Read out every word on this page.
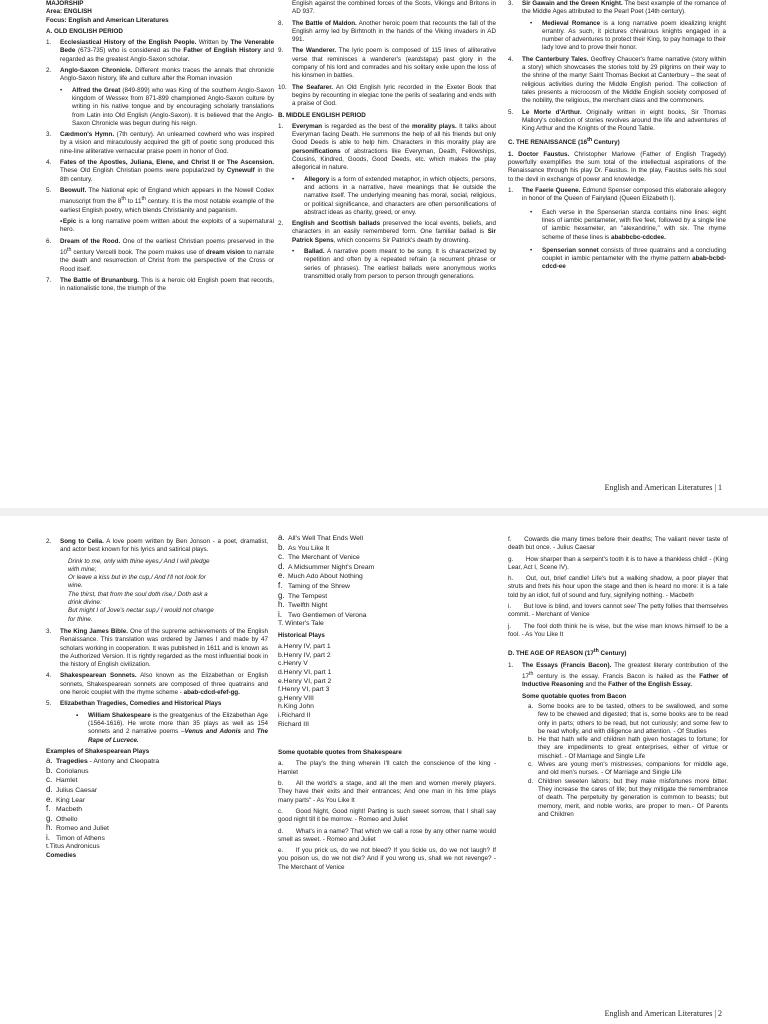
MAJORSHIP
Area: ENGLISH
Focus: English and American Literatures
A. OLD ENGLISH PERIOD
1. Ecclesiastical History of the English People. Written by The Venerable Bede (673-735) who is considered as the Father of English History and regarded as the greatest Anglo-Saxon scholar.
2. Anglo-Saxon Chronicle. Different monks traces the annals that chronicle Anglo-Saxon history, life and culture after the Roman invasion
• Alfred the Great (849-899) who was King of the southern Anglo-Saxon kingdom of Wessex from 871-899 championed Anglo-Saxon culture by writing in his native tongue and by encouraging scholarly translations from Latin into Old English (Anglo-Saxon). It is believed that the Anglo-Saxon Chronicle was begun during his reign.
3. Cædmon's Hymn. (7th century). An unlearned cowherd who was inspired by a vision and miraculously acquired the gift of poetic song produced this nine-line alliterative vernacular praise poem in honor of God.
4. Fates of the Apostles, Juliana, Elene, and Christ II or The Ascension. These Old English Christian poems were popularized by Cynewulf in the 8th century.
5. Beowulf. The National epic of England which appears in the Nowell Codex manuscript from the 8th to 11th century. It is the most notable example of the earliest English poetry, which blends Christianity and paganism.

▪Epic is a long narrative poem written about the exploits of a supernatural hero.

6. Dream of the Rood. One of the earliest Christian poems preserved in the 10th century Vercelli book. The poem makes use of dream vision to narrate the death and resurrection of Christ from the perspective of the Cross or Rood itself.
7. The Battle of Brunanburg. This is a heroic old English poem that records, in nationalistic tone, the triumph of the

English against the combined forces of the Scots, Vikings and Britons in AD 937.

8. The Battle of Maldon. Another heroic poem that recounts the fall of the English army led by Birhtnoth in the hands of the Viking invaders in AD 991.
9. The Wanderer. The lyric poem is composed of 115 lines of alliterative verse that reminisces a wanderer's (eardstapa) past glory in the company of his lord and comrades and his solitary exile upon the loss of his kinsmen in battles.
10. The Seafarer. An Old English lyric recorded in the Exeter Book that begins by recounting in elegiac tone the perils of seafaring and ends with a praise of God.
B. MIDDLE ENGLISH PERIOD
1. Everyman is regarded as the best of the morality plays. It talks about Everyman facing Death. He summons the help of all his friends but only Good Deeds is able to help him. Characters in this morality play are personifications of abstractions like Everyman, Death, Fellowships, Cousins, Kindred, Goods, Good Deeds, etc. which makes the play allegorical in nature.
• Allegory is a form of extended metaphor, in which objects, persons, and actions in a narrative, have meanings that lie outside the narrative itself. The underlying meaning has moral, social, religious, or political significance, and characters are often personifications of abstract ideas as charity, greed, or envy.
2. English and Scottish ballads preserved the local events, beliefs, and characters in an easily remembered form. One familiar ballad is Sir Patrick Spens, which concerns Sir Patrick's death by drowning.
• Ballad. A narrative poem meant to be sung. It is characterized by repetition and often by a repeated refrain (a recurrent phrase or series of phrases). The earliest ballads were anonymous works transmitted orally from person to person through generations.
3. Sir Gawain and the Green Knight. The best example of the romance of the Middle Ages attributed to the Pearl Poet (14th century).
• Medieval Romance is a long narrative poem idealizing knight errantry. As such, it pictures chivalrous knights engaged in a number of adventures to protect their King, to pay homage to their lady love and to prove their honor.
4. The Canterbury Tales. Geoffrey Chaucer's frame narrative (story within a story) which showcases the stories told by 29 pilgrims on their way to the shrine of the martyr Saint Thomas Becket at Canterbury – the seat of religious activities during the Middle English period. The collection of tales presents a microcosm of the Middle English society composed of the nobility, the religious, the merchant class and the commoners.
5. Le Morte d'Arthur. Originally written in eight books, Sir Thomas Mallory's collection of stories revolves around the life and adventures of King Arthur and the Knights of the Round Table.
C. THE RENAISSANCE (16th Century)

1. Doctor Faustus. Christopher Marlowe (Father of English Tragedy) powerfully exemplifies the sum total of the intellectual aspirations of the Renaissance through his play Dr. Faustus. In the play, Faustus sells his soul to the devil in exchange of power and knowledge.

1. The Faerie Queene. Edmund Spenser composed this elaborate allegory in honor of the Queen of Fairyland (Queen Elizabeth I).
• Each verse in the Spenserian stanza contains nine lines: eight lines of iambic pentameter, with five feet, followed by a single line of iambic hexameter, an "alexandrine," with six. The rhyme scheme of these lines is ababbcbc-cdcdee.
• Spenserian sonnet consists of three quatrains and a concluding couplet in iambic pentameter with the rhyme pattern abab-bcbd-cdcd-ee
English and American Literatures | 1
2. Song to Celia. A love poem written by Ben Jonson - a poet, dramatist, and actor best known for his lyrics and satirical plays.
Drink to me, only with thine eyes,/ And I will pledge
with mine;
Or leave a kiss but in the cup,/ And I'll not look for
wine.
The thirst, that from the soul doth rise,/ Doth ask a
drink divine:
But might I of Jove's nectar sup,/ I would not change
for thine.
3. The King James Bible. One of the supreme achievements of the English Renaissance. This translation was ordered by James I and made by 47 scholars working in cooperation. It was published in 1611 and is known as the Authorized Version. It is rightly regarded as the most influential book in the history of English civilization.
4. Shakespearean Sonnets. Also known as the Elizabethan or English sonnets, Shakespearean sonnets are composed of three quatrains and one heroic couplet with the rhyme scheme - abab-cdcd-efef-gg.
5. Elizabethan Tragedies, Comedies and Historical Plays
▪ William Shakespeare is the greatgenius of the Elizabethan Age (1564-1616). He wrote more than 35 plays as well as 154 sonnets and 2 narrative poems –Venus and Adonis and The Rape of Lucrece.
Examples of Shakespearean Plays
a. Tragedies - Antony and Cleopatra
b. Coriolanus
c. Hamlet
d. Julius Caesar
e. King Lear
f. Macbeth
g. Othello
h. Romeo and Juliet
i. Timon of Athens
t.Titus Andronicus
Comedies
a. All's Well That Ends Well
b. As You Like It
c. The Merchant of Venice
d. A Midsummer Night's Dream
e. Much Ado About Nothing
f. Taming of the Shrew
g. The Tempest
h. Twelfth Night
i. Two Gentlemen of Verona
T. Winter's Tale
Historical Plays
a.Henry IV, part 1
b.Henry IV, part 2
c.Henry V
d.Henry VI, part 1
e.Henry VI, part 2
f.Henry VI, part 3
g.Henry VIII
h.King John
i.Richard II
Richard III
Some quotable quotes from Shakespeare
a.  The play's the thing wherein I'll catch the conscience of the king - Hamlet
b.  All the world's a stage, and all the men and women merely players. They have their exits and their entrances; And one man in his time plays many parts" - As You Like It
c.  Good Night, Good night! Parting is such sweet sorrow, that I shall say good night till it be morrow. - Romeo and Juliet
d.  What's in a name? That which we call a rose by any other name would smell as sweet. - Romeo and Juliet
e.  If you prick us, do we not bleed? If you tickle us, do we not laugh? If you poison us, do we not die? And if you wrong us, shall we not revenge? - The Merchant of Venice
f.  Cowards die many times before their deaths; The valiant never taste of death but once. - Julius Caesar
g.  How sharper than a serpent's tooth it is to have a thankless child! - (King Lear, Act I, Scene IV).
h.  Out, out, brief candle! Life's but a walking shadow, a poor player that struts and frets his hour upon the stage and then is heard no more: it is a tale told by an idiot, full of sound and fury, signifying nothing. - Macbeth
i.  But love is blind, and lovers cannot see/ The petty follies that themselves commit. - Merchant of Venice
j.  The fool doth think he is wise, but the wise man knows himself to be a fool. - As You Like It
D. THE AGE OF REASON (17th Century)
1. The Essays (Francis Bacon). The greatest literary contribution of the 17th century is the essay. Francis Bacon is hailed as the Father of Inductive Reasoning and the Father of the English Essay.
Some quotable quotes from Bacon
a. Some books are to be tasted, others to be swallowed, and some few to be chewed and digested; that is, some books are to be read only in parts; others to be read, but not curiously; and some few to be read wholly, and with diligence and attention. - Of Studies
b. He that hath wife and children hath given hostages to fortune; for they are impediments to great enterprises, either of virtue or mischief. - Of Marriage and Single Life
c. Wives are young men's mistresses, companions for middle age, and old men's nurses. - Of Marriage and Single Life
d. Children sweeten labors; but they make misfortunes more bitter. They increase the cares of life; but they mitigate the remembrance of death. The perpetuity by generation is common to beasts; but memory, merit, and noble works, are proper to men.- Of Parents and Children
English and American Literatures | 2
